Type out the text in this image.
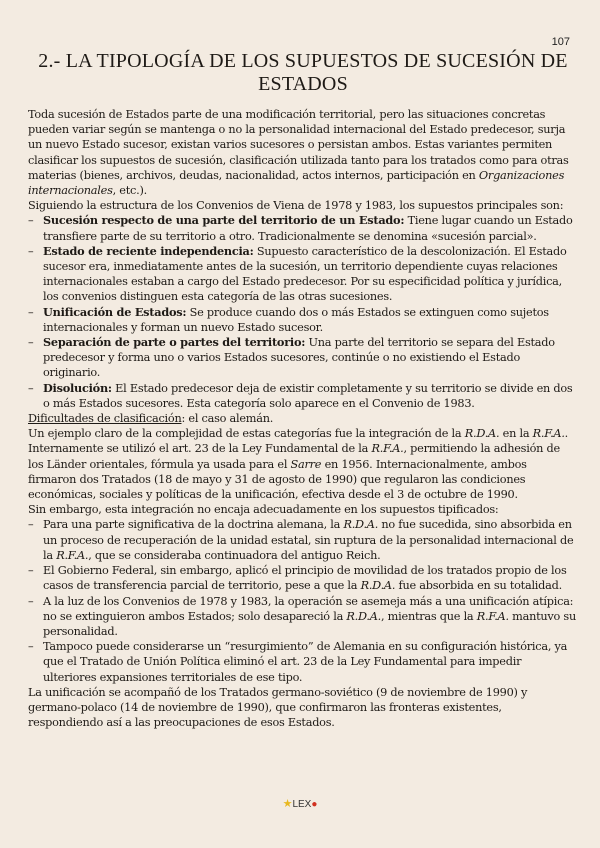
107
2.- LA TIPOLOGÍA DE LOS SUPUESTOS DE SUCESIÓN DE ESTADOS

Toda sucesión de Estados parte de una modificación territorial, pero las situaciones concretas pueden variar según se mantenga o no la personalidad internacional del Estado predecesor, surja un nuevo Estado sucesor, existan varios sucesores o persistan ambos. Estas variantes permiten clasificar los supuestos de sucesión, clasificación utilizada tanto para los tratados como para otras materias (bienes, archivos, deudas, nacionalidad, actos internos, participación en Organizaciones internacionales, etc.).

Siguiendo la estructura de los Convenios de Viena de 1978 y 1983, los supuestos principales son:

– Sucesión respecto de una parte del territorio de un Estado: Tiene lugar cuando un Estado transfiere parte de su territorio a otro. Tradicionalmente se denomina «sucesión parcial».
– Estado de reciente independencia: Supuesto característico de la descolonización. El Estado sucesor era, inmediatamente antes de la sucesión, un territorio dependiente cuyas relaciones internacionales estaban a cargo del Estado predecesor. Por su especificidad política y jurídica, los convenios distinguen esta categoría de las otras sucesiones.
– Unificación de Estados: Se produce cuando dos o más Estados se extinguen como sujetos internacionales y forman un nuevo Estado sucesor.
– Separación de parte o partes del territorio: Una parte del territorio se separa del Estado predecesor y forma uno o varios Estados sucesores, continúe o no existiendo el Estado originario.
– Disolución: El Estado predecesor deja de existir completamente y su territorio se divide en dos o más Estados sucesores. Esta categoría solo aparece en el Convenio de 1983.

Dificultades de clasificación: el caso alemán.

Un ejemplo claro de la complejidad de estas categorías fue la integración de la R.D.A. en la R.F.A.. Internamente se utilizó el art. 23 de la Ley Fundamental de la R.F.A., permitiendo la adhesión de los Länder orientales, fórmula ya usada para el Sarre en 1956. Internacionalmente, ambos firmaron dos Tratados (18 de mayo y 31 de agosto de 1990) que regularon las condiciones económicas, sociales y políticas de la unificación, efectiva desde el 3 de octubre de 1990.

Sin embargo, esta integración no encaja adecuadamente en los supuestos tipificados:

– Para una parte significativa de la doctrina alemana, la R.D.A. no fue sucedida, sino absorbida en un proceso de recuperación de la unidad estatal, sin ruptura de la personalidad internacional de la R.F.A., que se consideraba continuadora del antiguo Reich.
– El Gobierno Federal, sin embargo, aplicó el principio de movilidad de los tratados propio de los casos de transferencia parcial de territorio, pese a que la R.D.A. fue absorbida en su totalidad.
– A la luz de los Convenios de 1978 y 1983, la operación se asemeja más a una unificación atípica: no se extinguieron ambos Estados; solo desapareció la R.D.A., mientras que la R.F.A. mantuvo su personalidad.
– Tampoco puede considerarse un “resurgimiento” de Alemania en su configuración histórica, ya que el Tratado de Unión Política eliminó el art. 23 de la Ley Fundamental para impedir ulteriores expansiones territoriales de ese tipo.

La unificación se acompañó de los Tratados germano-soviético (9 de noviembre de 1990) y germano-polaco (14 de noviembre de 1990), que confirmaron las fronteras existentes, respondiendo así a las preocupaciones de esos Estados.

★LEX●
